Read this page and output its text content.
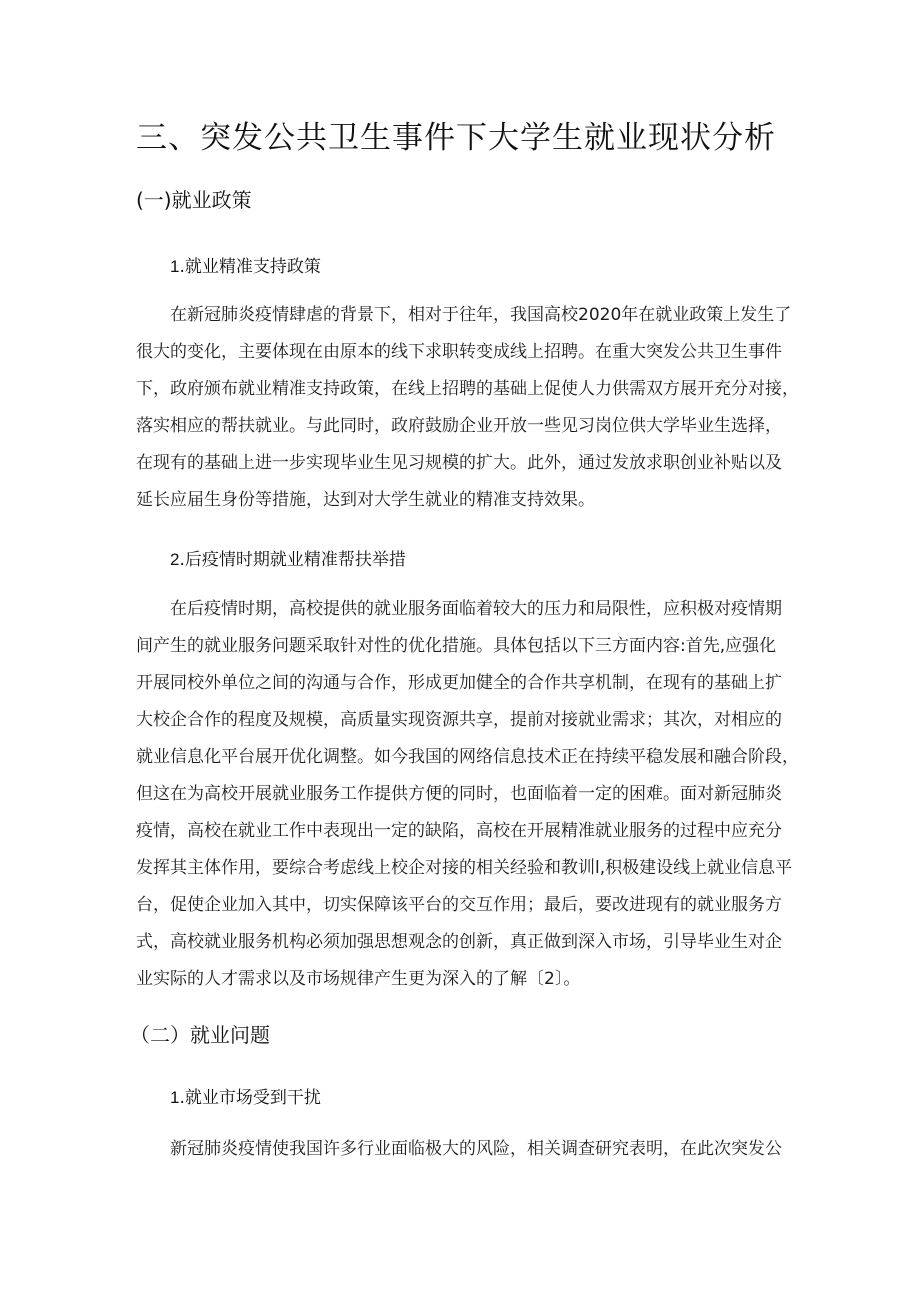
三、突发公共卫生事件下大学生就业现状分析
(一)就业政策
1.就业精准支持政策
在新冠肺炎疫情肆虐的背景下，相对于往年，我国高校2020年在就业政策上发生了
很大的变化，主要体现在由原本的线下求职转变成线上招聘。在重大突发公共卫生事件
下，政府颁布就业精准支持政策，在线上招聘的基础上促使人力供需双方展开充分对接，
落实相应的帮扶就业。与此同时，政府鼓励企业开放一些见习岗位供大学毕业生选择，
在现有的基础上进一步实现毕业生见习规模的扩大。此外，通过发放求职创业补贴以及
延长应届生身份等措施，达到对大学生就业的精准支持效果。
2.后疫情时期就业精准帮扶举措
在后疫情时期，高校提供的就业服务面临着较大的压力和局限性，应积极对疫情期
间产生的就业服务问题采取针对性的优化措施。具体包括以下三方面内容:首先,应强化
开展同校外单位之间的沟通与合作，形成更加健全的合作共享机制，在现有的基础上扩
大校企合作的程度及规模，高质量实现资源共享，提前对接就业需求；其次，对相应的
就业信息化平台展开优化调整。如今我国的网络信息技术正在持续平稳发展和融合阶段，
但这在为高校开展就业服务工作提供方便的同时，也面临着一定的困难。面对新冠肺炎
疫情，高校在就业工作中表现出一定的缺陷，高校在开展精准就业服务的过程中应充分
发挥其主体作用，要综合考虑线上校企对接的相关经验和教训l,积极建设线上就业信息平
台，促使企业加入其中，切实保障该平台的交互作用；最后，要改进现有的就业服务方
式，高校就业服务机构必须加强思想观念的创新，真正做到深入市场，引导毕业生对企
业实际的人才需求以及市场规律产生更为深入的了解〔2〕。
（二）就业问题
1.就业市场受到干扰
新冠肺炎疫情使我国许多行业面临极大的风险，相关调查研究表明，在此次突发公
